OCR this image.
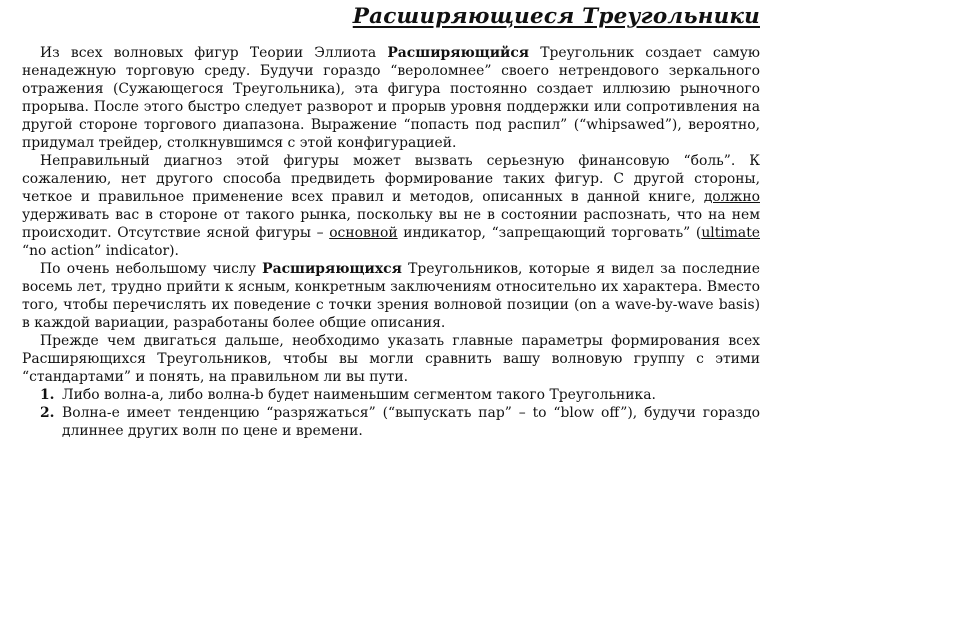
Расширяющиеся Треугольники

Из всех волновых фигур Теории Эллиота Расширяющийся Треугольник создает самую ненадежную торговую среду. Будучи гораздо “вероломнее” своего нетрендового зеркального отражения (Сужающегося Треугольника), эта фигура постоянно создает иллюзию рыночного прорыва. После этого быстро следует разворот и прорыв уровня поддержки или сопротивления на другой стороне торгового диапазона. Выражение “попасть под распил” (“whipsawed”), вероятно, придумал трейдер, столкнувшимся с этой конфигурацией.

Неправильный диагноз этой фигуры может вызвать серьезную финансовую “боль”. К сожалению, нет другого способа предвидеть формирование таких фигур. С другой стороны, четкое и правильное применение всех правил и методов, описанных в данной книге, должно удерживать вас в стороне от такого рынка, поскольку вы не в состоянии распознать, что на нем происходит. Отсутствие ясной фигуры – основной индикатор, “запрещающий торговать” (ultimate “no action” indicator).

По очень небольшому числу Расширяющихся Треугольников, которые я видел за последние восемь лет, трудно прийти к ясным, конкретным заключениям относительно их характера. Вместо того, чтобы перечислять их поведение с точки зрения волновой позиции (on a wave-by-wave basis) в каждой вариации, разработаны более общие описания.

Прежде чем двигаться дальше, необходимо указать главные параметры формирования всех Расширяющихся Треугольников, чтобы вы могли сравнить вашу волновую группу с этими “стандартами” и понять, на правильном ли вы пути.

1. Либо волна-a, либо волна-b будет наименьшим сегментом такого Треугольника.
2. Волна-e имеет тенденцию “разряжаться” (“выпускать пар” – to “blow off”), будучи гораздо длиннее других волн по цене и времени.
